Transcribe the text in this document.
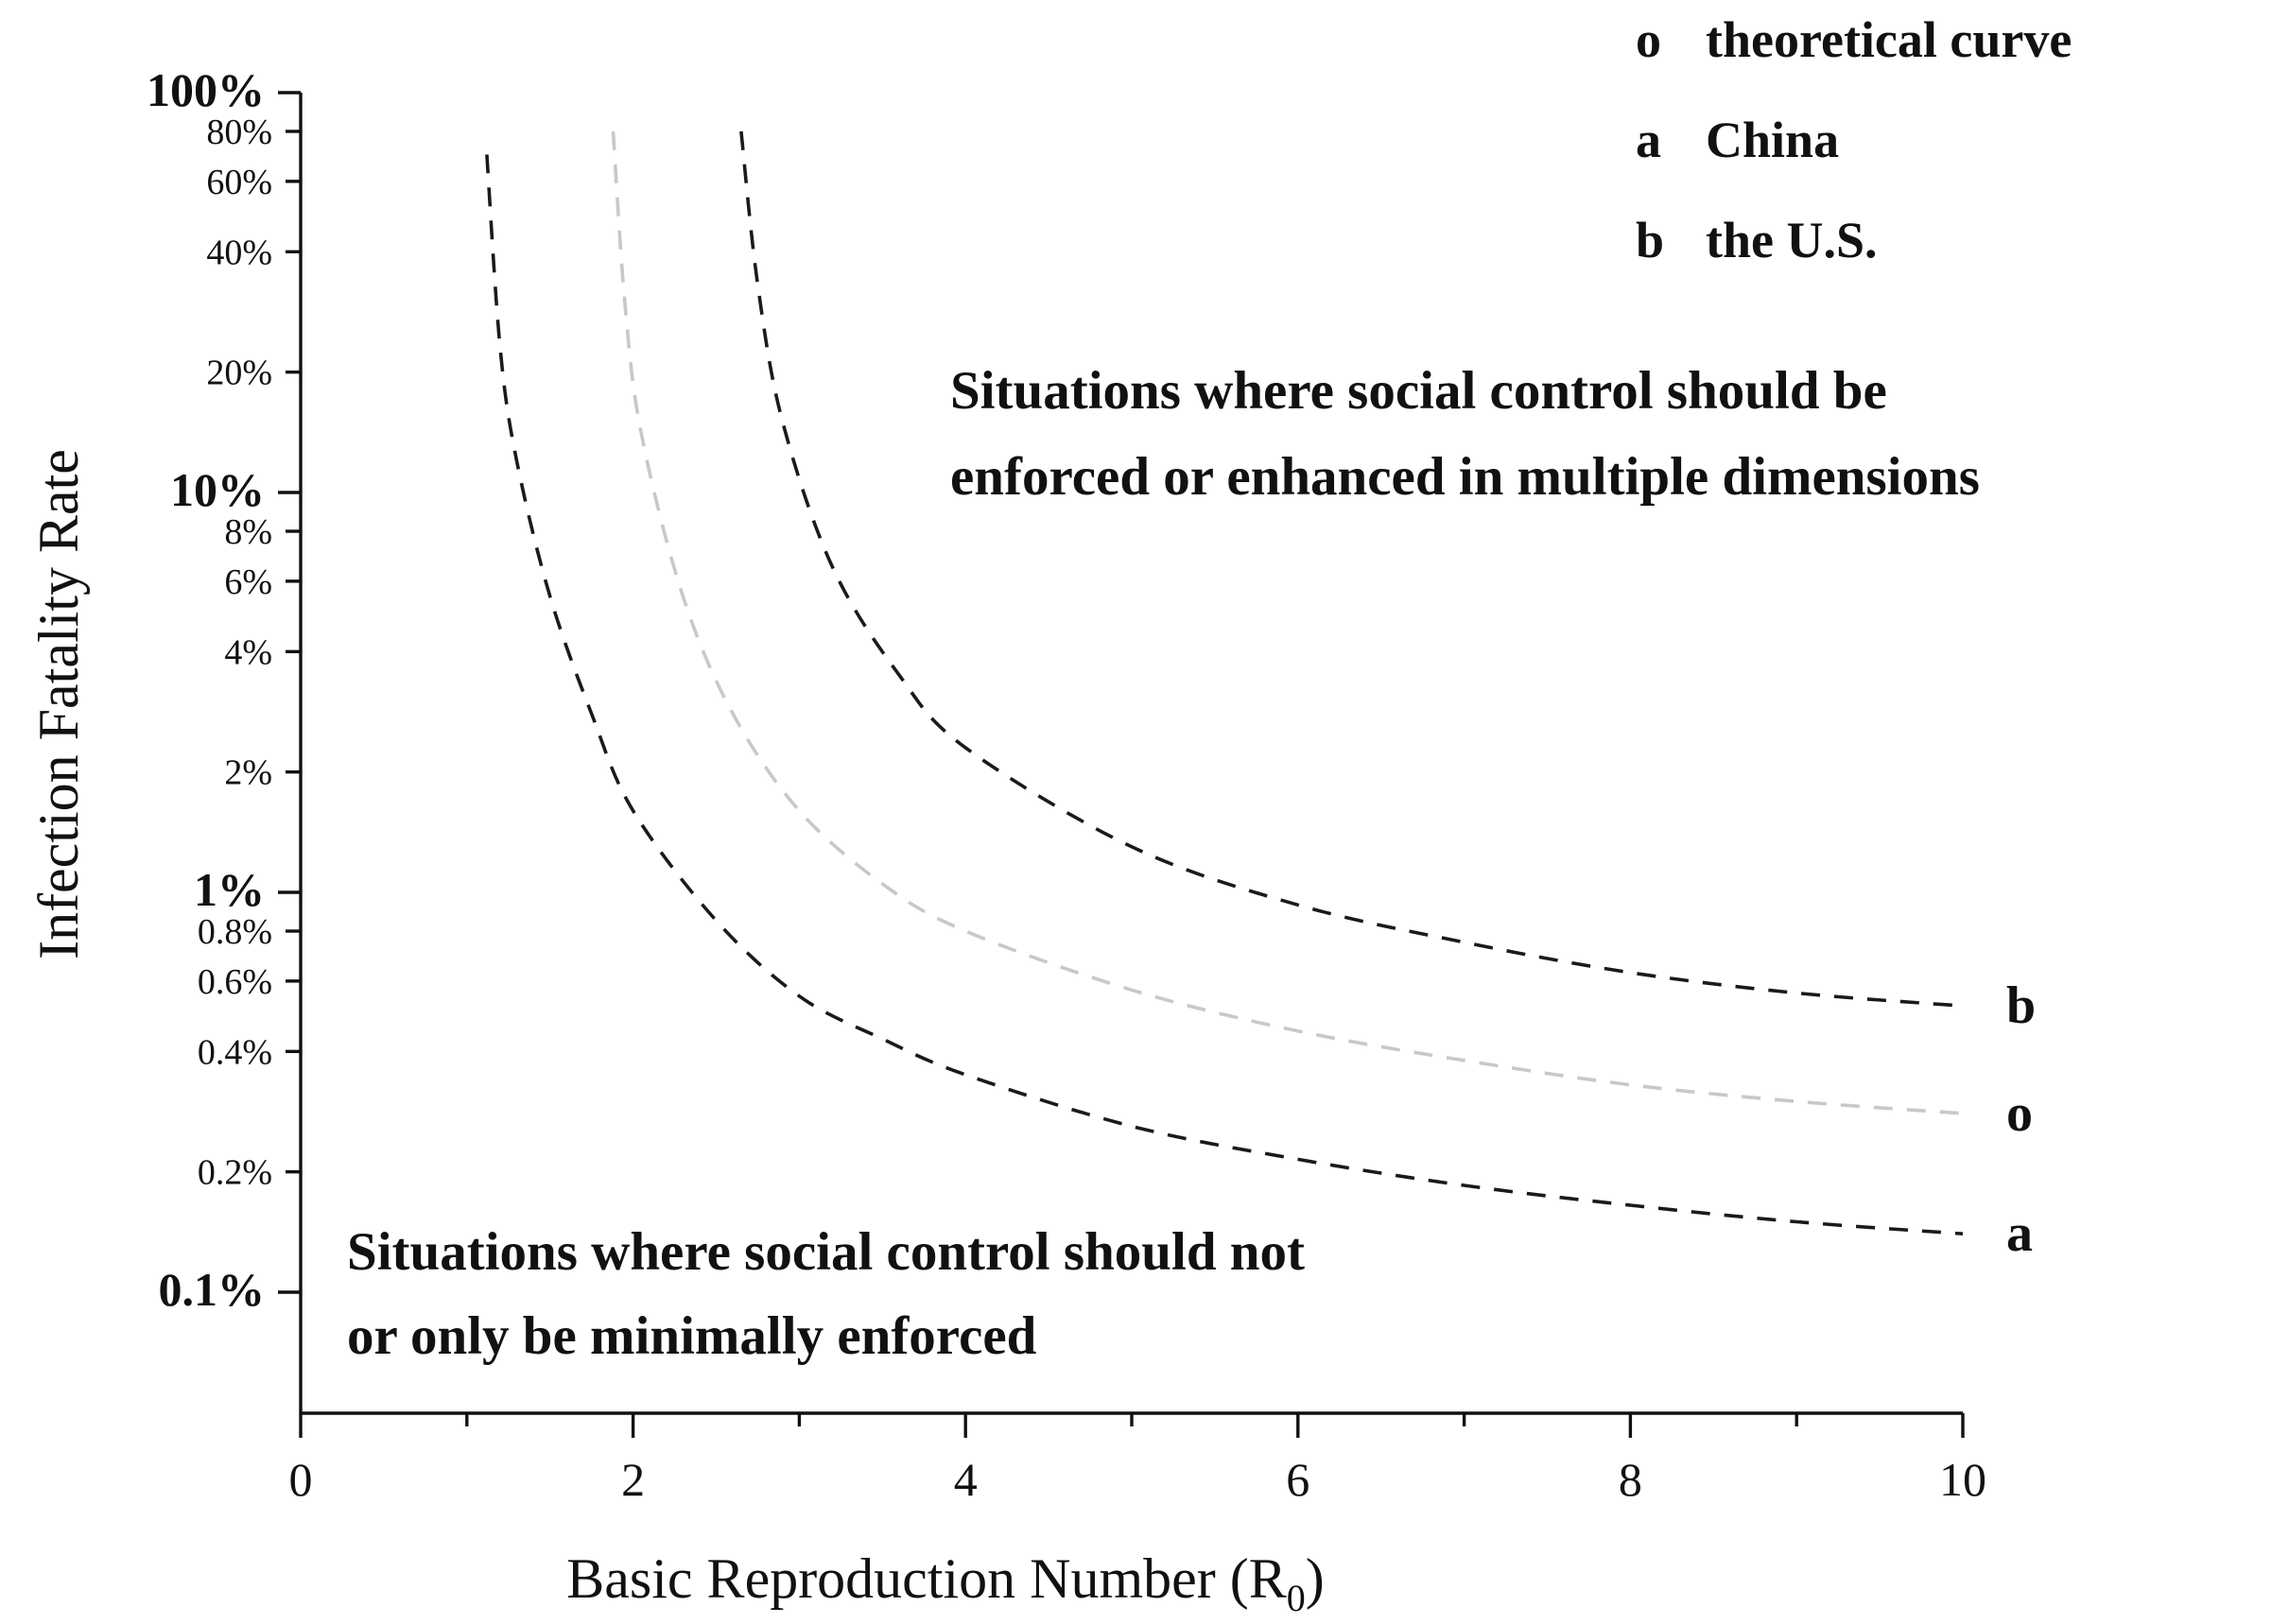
100%
80%
60%
40%
20%
10%
8%
6%
4%
2%
1%
0.8%
0.6%
0.4%
0.2%
0.1%
0	2	4	6	8	10
a
o
b
Basic Reproduction Number $(R_0)$
Infection Fatality Rate
o theoretical curve
a China
b the U.S.
Situations where social control should be
enforced or enhanced in multiple dimensions
Situations where social control should not
or only be minimally enforced
